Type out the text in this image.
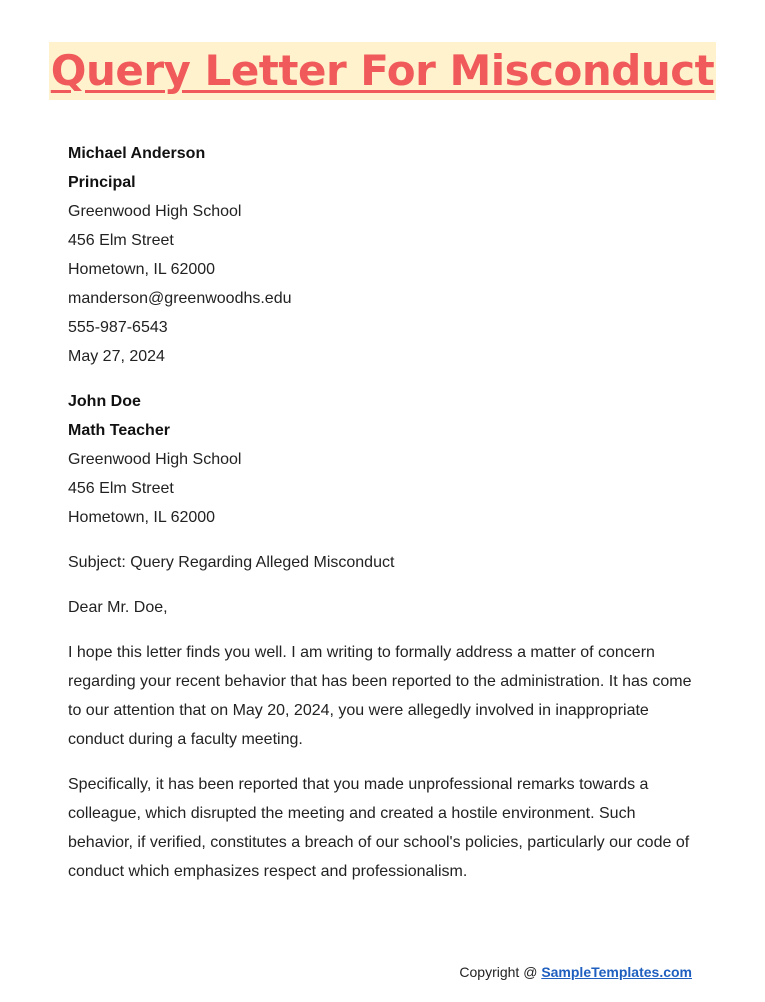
Query Letter For Misconduct
Michael Anderson
Principal
Greenwood High School
456 Elm Street
Hometown, IL 62000
manderson@greenwoodhs.edu
555-987-6543
May 27, 2024
John Doe
Math Teacher
Greenwood High School
456 Elm Street
Hometown, IL 62000
Subject: Query Regarding Alleged Misconduct
Dear Mr. Doe,

I hope this letter finds you well. I am writing to formally address a matter of concern regarding your recent behavior that has been reported to the administration. It has come to our attention that on May 20, 2024, you were allegedly involved in inappropriate conduct during a faculty meeting.

Specifically, it has been reported that you made unprofessional remarks towards a colleague, which disrupted the meeting and created a hostile environment. Such behavior, if verified, constitutes a breach of our school's policies, particularly our code of conduct which emphasizes respect and professionalism.

Copyright @ SampleTemplates.com
